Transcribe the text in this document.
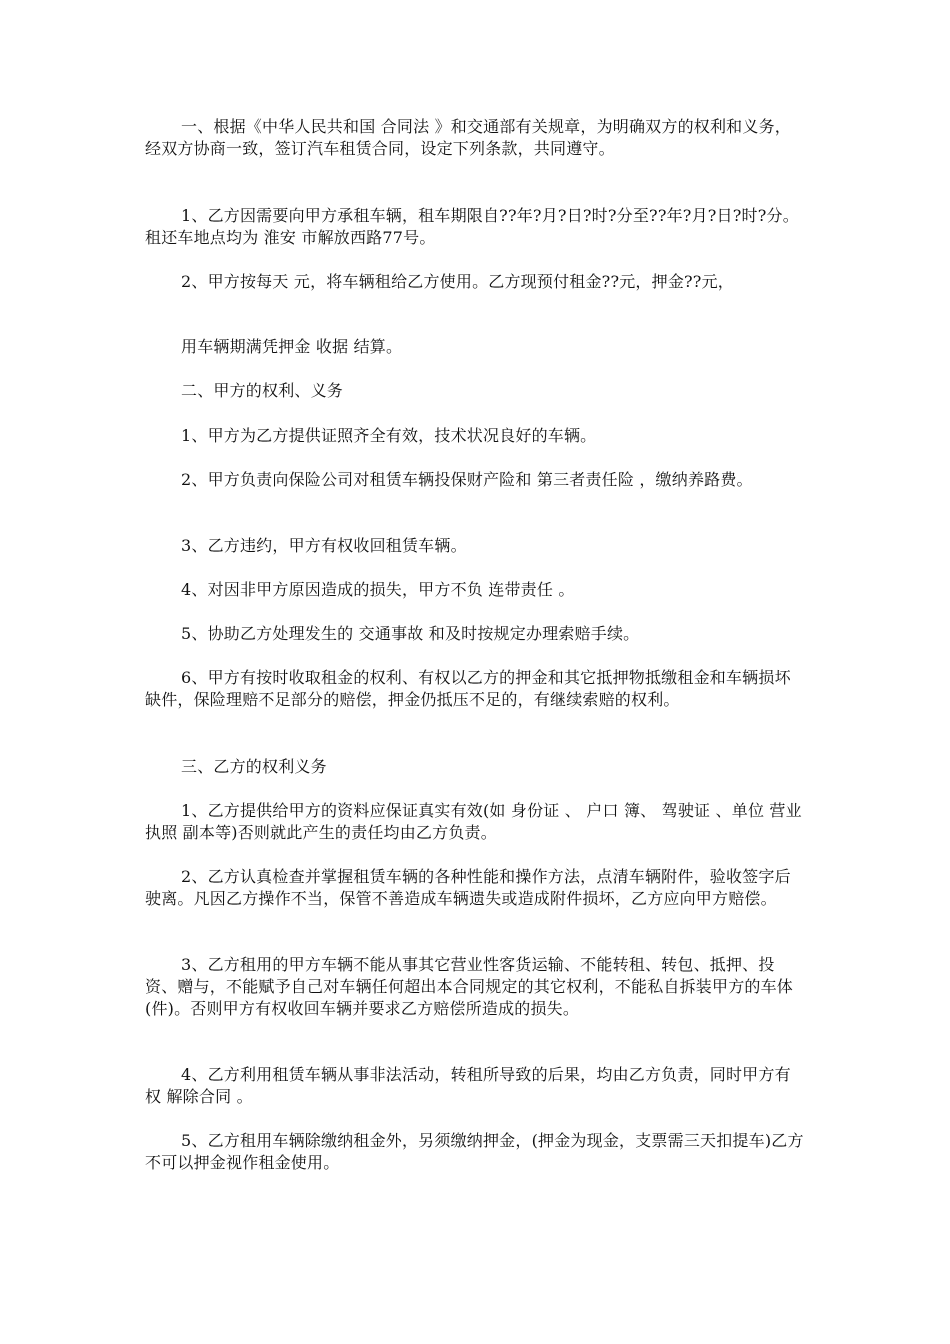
一、根据《中华人民共和国 合同法 》和交通部有关规章，为明确双方的权利和义务，经双方协商一致，签订汽车租赁合同，设定下列条款，共同遵守。

1、乙方因需要向甲方承租车辆，租车期限自??年?月?日?时?分至??年?月?日?时?分。租还车地点均为 淮安 市解放西路77号。

2、甲方按每天 元，将车辆租给乙方使用。乙方现预付租金??元，押金??元，

用车辆期满凭押金 收据 结算。

二、甲方的权利、义务

1、甲方为乙方提供证照齐全有效，技术状况良好的车辆。

2、甲方负责向保险公司对租赁车辆投保财产险和 第三者责任险 ，缴纳养路费。

3、乙方违约，甲方有权收回租赁车辆。

4、对因非甲方原因造成的损失，甲方不负 连带责任 。

5、协助乙方处理发生的 交通事故 和及时按规定办理索赔手续。

6、甲方有按时收取租金的权利、有权以乙方的押金和其它抵押物抵缴租金和车辆损坏缺件，保险理赔不足部分的赔偿，押金仍抵压不足的，有继续索赔的权利。

三、乙方的权利义务

1、乙方提供给甲方的资料应保证真实有效(如 身份证 、 户口 簿、 驾驶证 、单位 营业执照 副本等)否则就此产生的责任均由乙方负责。

2、乙方认真检查并掌握租赁车辆的各种性能和操作方法，点清车辆附件，验收签字后驶离。凡因乙方操作不当，保管不善造成车辆遗失或造成附件损坏，乙方应向甲方赔偿。

3、乙方租用的甲方车辆不能从事其它营业性客货运输、不能转租、转包、抵押、投资、赠与，不能赋予自己对车辆任何超出本合同规定的其它权利，不能私自拆装甲方的车体(件)。否则甲方有权收回车辆并要求乙方赔偿所造成的损失。

4、乙方利用租赁车辆从事非法活动，转租所导致的后果，均由乙方负责，同时甲方有权 解除合同 。

5、乙方租用车辆除缴纳租金外，另须缴纳押金，(押金为现金，支票需三天扣提车)乙方不可以押金视作租金使用。
